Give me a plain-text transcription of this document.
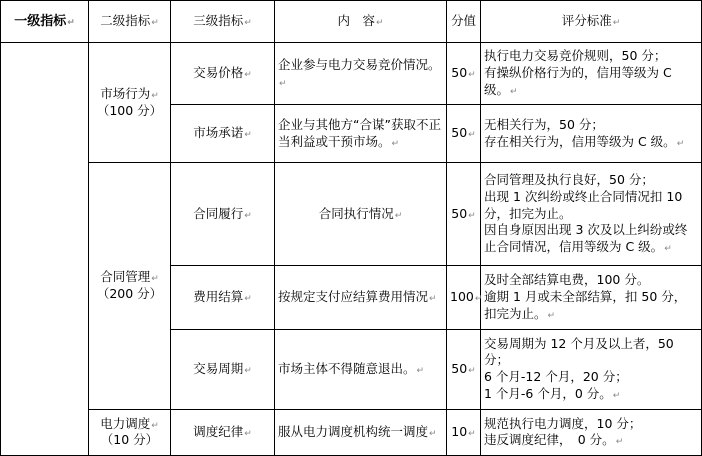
一级指标↵	二级指标↵	三级指标↵	内　容↵	分值	评分标准↵

	市场行为↵
（100 分）	交易价格↵	企业参与电力交易竞价情况。↵	50↵	执行电力交易竞价规则，50 分；
有操纵价格行为的，信用等级为 C 级。↵

		市场承诺↵	企业与其他方“合谋”获取不正当利益或干预市场。↵	50↵	无相关行为，50 分；
存在相关行为，信用等级为 C 级。↵

	合同管理↵
（200 分）	合同履行↵	合同执行情况↵	50↵	合同管理及执行良好，50 分；
出现 1 次纠纷或终止合同情况扣 10 分，扣完为止。
因自身原因出现 3 次及以上纠纷或终止合同情况，信用等级为 C 级。↵

		费用结算↵	按规定支付应结算费用情况↵	100↵	及时全部结算电费，100 分。
逾期 1 月或未全部结算，扣 50 分，扣完为止。↵

		交易周期↵	市场主体不得随意退出。↵	50↵	交易周期为 12 个月及以上者，50 分；
6 个月-12 个月，20 分；
1 个月-6 个月，0 分。↵

	电力调度↵
（10 分）	调度纪律↵	服从电力调度机构统一调度↵	10↵	规范执行电力调度，10 分；
违反调度纪律，　0 分。↵
